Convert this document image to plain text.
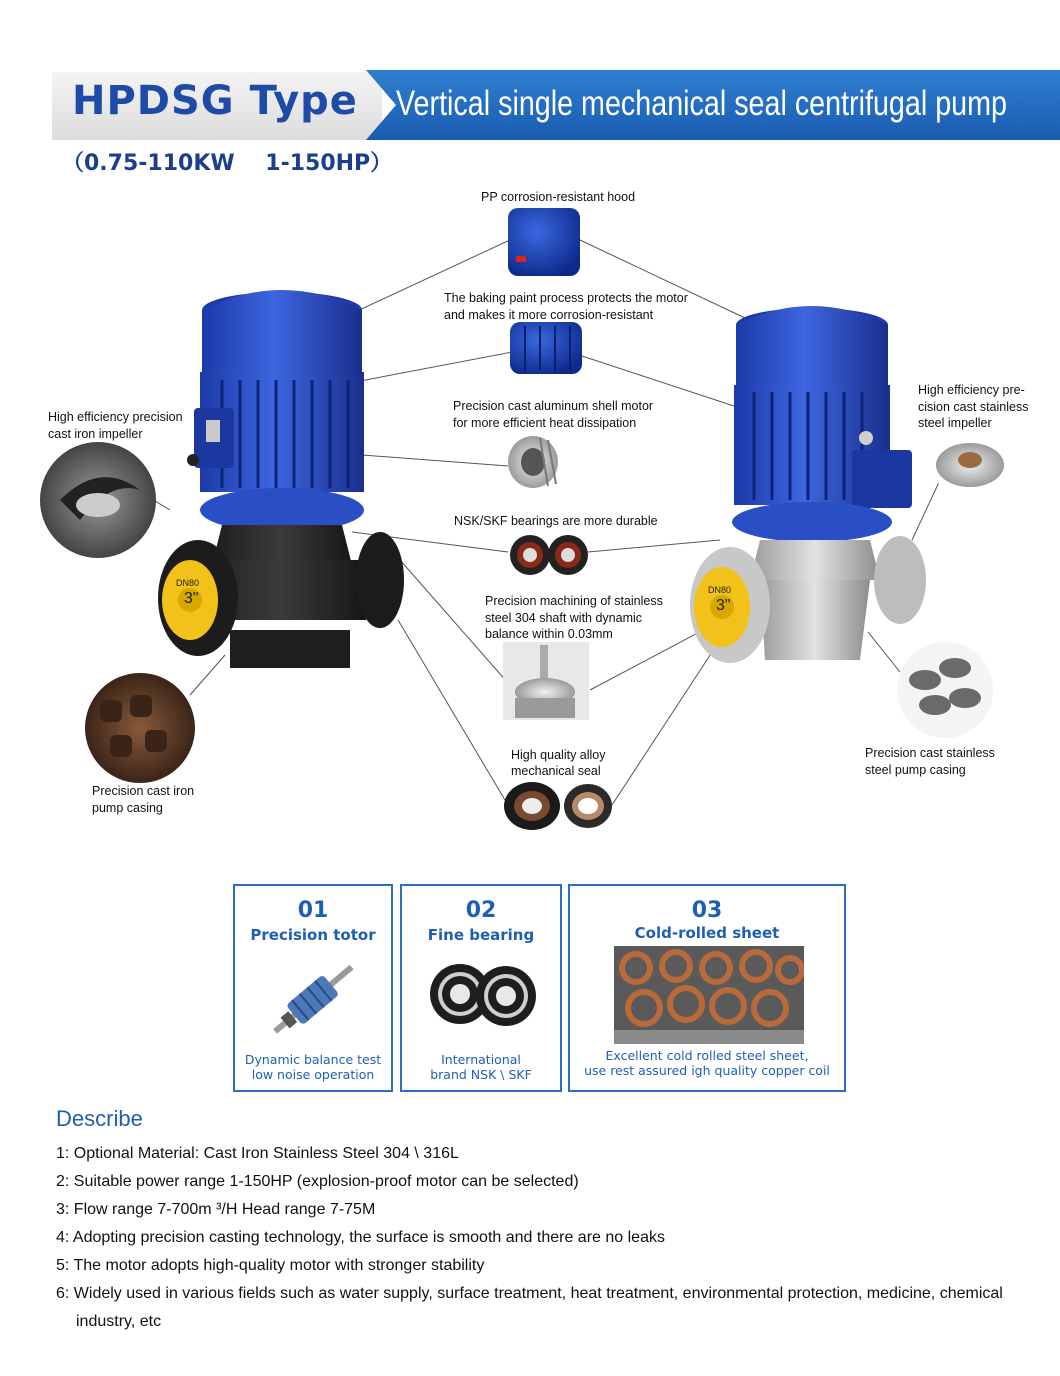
HPDSG Type Vertical single mechanical seal centrifugal pump
（0.75-110KW    1-150HP）
DN80
3"	DN80
3"
PP corrosion-resistant hood
The baking paint process protects the motor
and makes it more corrosion-resistant
Precision cast aluminum shell motor
for more efficient heat dissipation
NSK/SKF bearings are more durable
Precision machining of stainless
steel 304 shaft with dynamic
balance within 0.03mm
High quality alloy
mechanical seal
High efficiency precision
cast iron impeller
Precision cast iron
pump casing
High efficiency pre-
cision cast stainless
steel impeller
Precision cast stainless
steel pump casing
01
Precision totor
Dynamic balance test
low noise operation
02
Fine bearing
International
brand NSK \ SKF
03
Cold-rolled sheet
Excellent cold rolled steel sheet,
use rest assured igh quality copper coil
Describe
1: Optional Material: Cast Iron Stainless Steel 304 \ 316L
2: Suitable power range 1-150HP (explosion-proof motor can be selected)
3: Flow range 7-700m ³/H Head range 7-75M
4: Adopting precision casting technology, the surface is smooth and there are no leaks
5: The motor adopts high-quality motor with stronger stability
6: Widely used in various fields such as water supply, surface treatment, heat treatment, environmental protection, medicine, chemical industry, etc
